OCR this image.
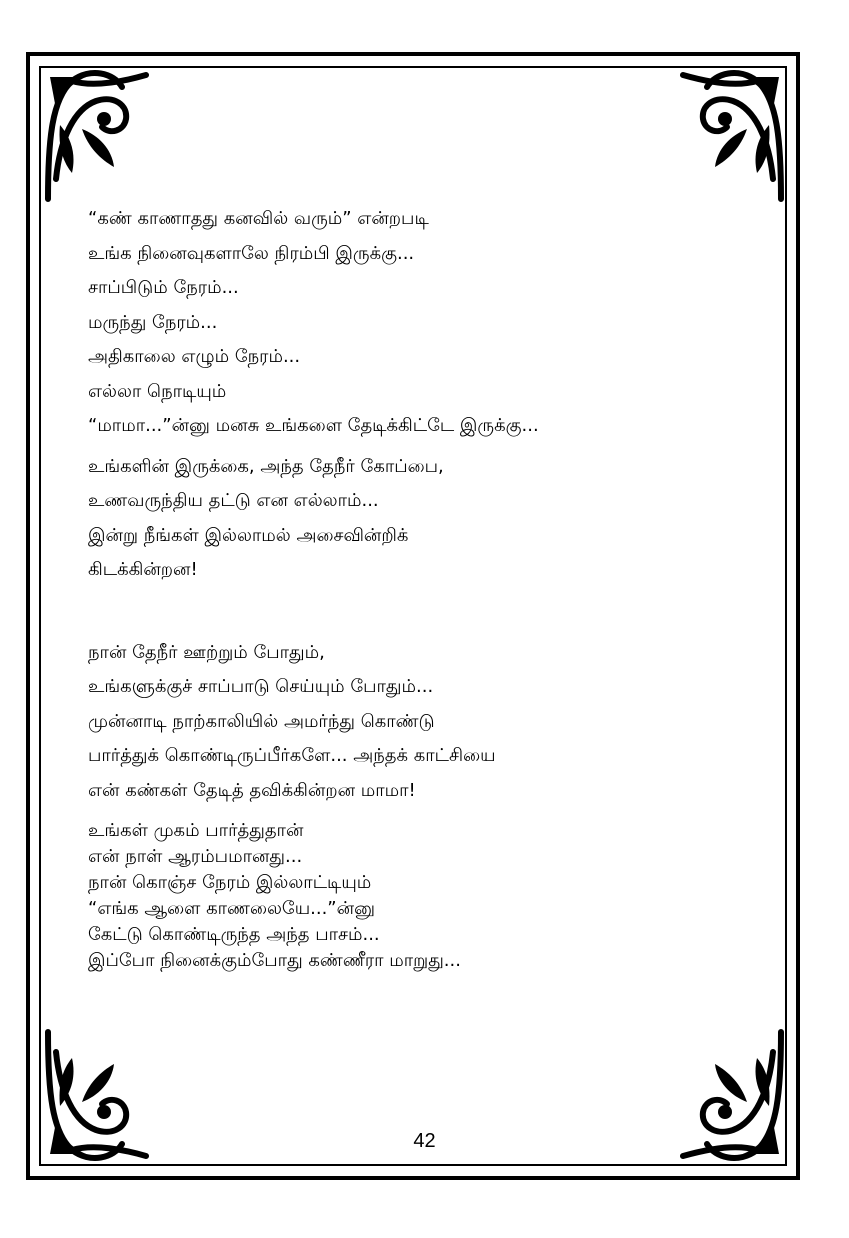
“கண் காணாதது கனவில் வரும்” என்றபடி
உங்க நினைவுகளாலே நிரம்பி இருக்கு...
சாப்பிடும் நேரம்...
மருந்து நேரம்...
அதிகாலை எழும் நேரம்...
எல்லா நொடியும்
“மாமா...”ன்னு மனசு உங்களை தேடிக்கிட்டே இருக்கு...
உங்களின் இருக்கை, அந்த தேநீர் கோப்பை,
உணவருந்திய தட்டு என எல்லாம்...
இன்று நீங்கள் இல்லாமல் அசைவின்றிக்
கிடக்கின்றன!
நான் தேநீர் ஊற்றும் போதும்,
உங்களுக்குச் சாப்பாடு செய்யும் போதும்...
முன்னாடி நாற்காலியில் அமர்ந்து கொண்டு
பார்த்துக் கொண்டிருப்பீர்களே... அந்தக் காட்சியை
என் கண்கள் தேடித் தவிக்கின்றன மாமா!
உங்கள் முகம் பார்த்துதான்
என் நாள் ஆரம்பமானது...
நான் கொஞ்ச நேரம் இல்லாட்டியும்
“எங்க ஆளை காணலையே...”ன்னு
கேட்டு கொண்டிருந்த அந்த பாசம்...
இப்போ நினைக்கும்போது கண்ணீரா மாறுது...
42
